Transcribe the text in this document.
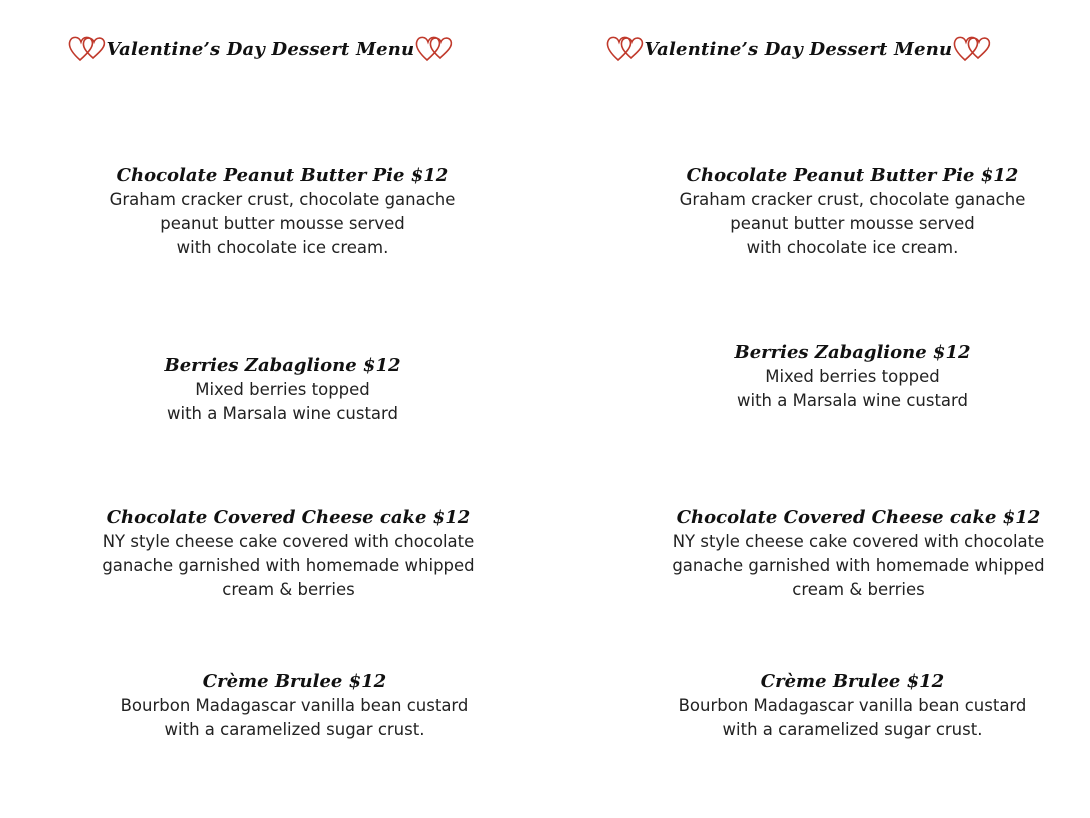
Valentine’s Day Dessert Menu
Chocolate Peanut Butter Pie $12
Graham cracker crust, chocolate ganache
peanut butter mousse served
with chocolate ice cream.
Berries Zabaglione $12
Mixed berries topped
with a Marsala wine custard
Chocolate Covered Cheese cake $12
NY style cheese cake covered with chocolate
ganache garnished with homemade whipped
cream & berries
Crème Brulee $12
Bourbon Madagascar vanilla bean custard
with a caramelized sugar crust.
Valentine’s Day Dessert Menu
Chocolate Peanut Butter Pie $12
Graham cracker crust, chocolate ganache
peanut butter mousse served
with chocolate ice cream.
Berries Zabaglione $12
Mixed berries topped
with a Marsala wine custard
Chocolate Covered Cheese cake $12
NY style cheese cake covered with chocolate
ganache garnished with homemade whipped
cream & berries
Crème Brulee $12
Bourbon Madagascar vanilla bean custard
with a caramelized sugar crust.
